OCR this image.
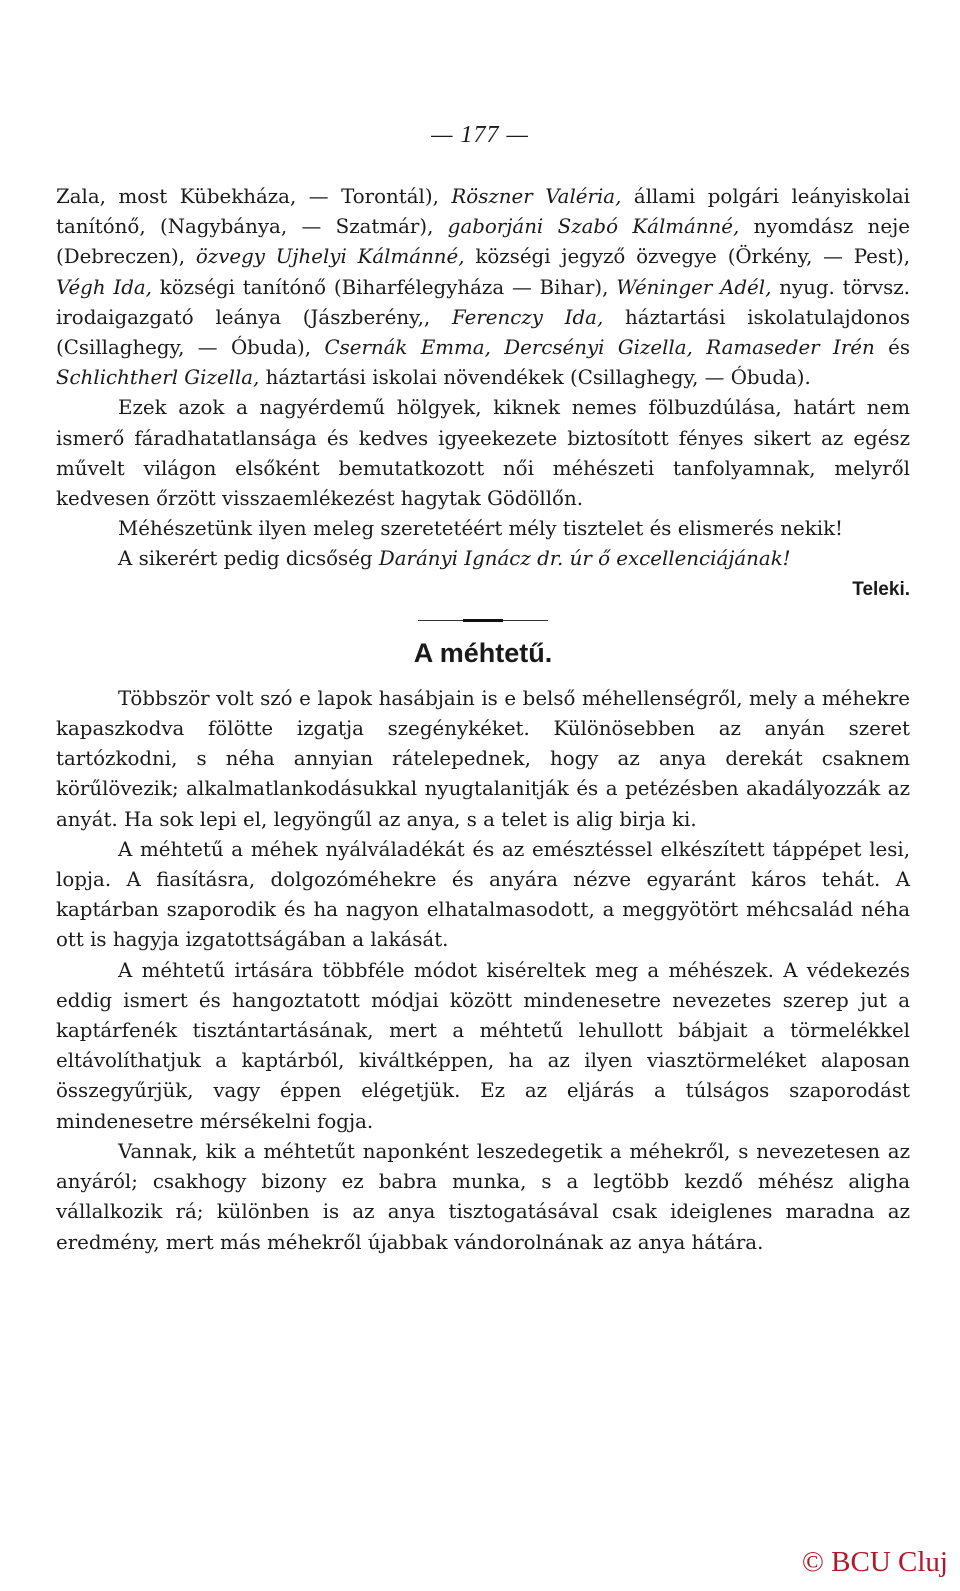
— 177 —

Zala, most Kübekháza, — Torontál), Röszner Valéria, állami polgári leányiskolai tanítónő, (Nagybánya, — Szatmár), gaborjáni Szabó Kálmánné, nyomdász neje (Debreczen), özvegy Ujhelyi Kálmánné, községi jegyző özvegye (Örkény, — Pest), Végh Ida, községi tanítónő (Biharfélegyháza — Bihar), Wéninger Adél, nyug. törvsz. irodaigazgató leánya (Jászberény,, Ferenczy Ida, háztartási iskolatulajdonos (Csillaghegy, — Óbuda), Csernák Emma, Dercsényi Gizella, Ramaseder Irén és Schlichtherl Gizella, háztartási iskolai növendékek (Csillaghegy, — Óbuda).

Ezek azok a nagyérdemű hölgyek, kiknek nemes fölbuzdúlása, határt nem ismerő fáradhatatlansága és kedves igyeekezete biztosított fényes sikert az egész művelt világon elsőként bemutatkozott női méhészeti tanfolyamnak, melyről kedvesen őrzött visszaemlékezést hagytak Gödöllőn.

Méhészetünk ilyen meleg szeretetéért mély tisztelet és elismerés nekik!

A sikerért pedig dicsőség Darányi Ignácz dr. úr ő excellenciájának!

Teleki.
A méhtetű.

Többször volt szó e lapok hasábjain is e belső méhellenségről, mely a méhekre kapaszkodva fölötte izgatja szegénykéket. Különösebben az anyán szeret tartózkodni, s néha annyian rátelepednek, hogy az anya derekát csaknem körűlövezik; alkalmatlankodásukkal nyugtalanitják és a petézésben akadályozzák az anyát. Ha sok lepi el, legyöngűl az anya, s a telet is alig birja ki.

A méhtetű a méhek nyálváladékát és az emésztéssel elkészített táppépet lesi, lopja. A fiasításra, dolgozóméhekre és anyára nézve egyaránt káros tehát. A kaptárban szaporodik és ha nagyon elhatalmasodott, a meggyötört méhcsalád néha ott is hagyja izgatottságában a lakását.

A méhtetű irtására többféle módot kiséreltek meg a méhészek. A védekezés eddig ismert és hangoztatott módjai között mindenesetre nevezetes szerep jut a kaptárfenék tisztántartásának, mert a méhtetű lehullott bábjait a törmelékkel eltávolíthatjuk a kaptárból, kiváltképpen, ha az ilyen viasztörmeléket alaposan összegyűrjük, vagy éppen elégetjük. Ez az eljárás a túlságos szaporodást mindenesetre mérsékelni fogja.

Vannak, kik a méhtetűt naponként leszedegetik a méhekről, s nevezetesen az anyáról; csakhogy bizony ez babra munka, s a legtöbb kezdő méhész aligha vállalkozik rá; különben is az anya tisztogatásával csak ideiglenes maradna az eredmény, mert más méhekről újabbak vándorolnának az anya hátára.

© BCU Cluj
